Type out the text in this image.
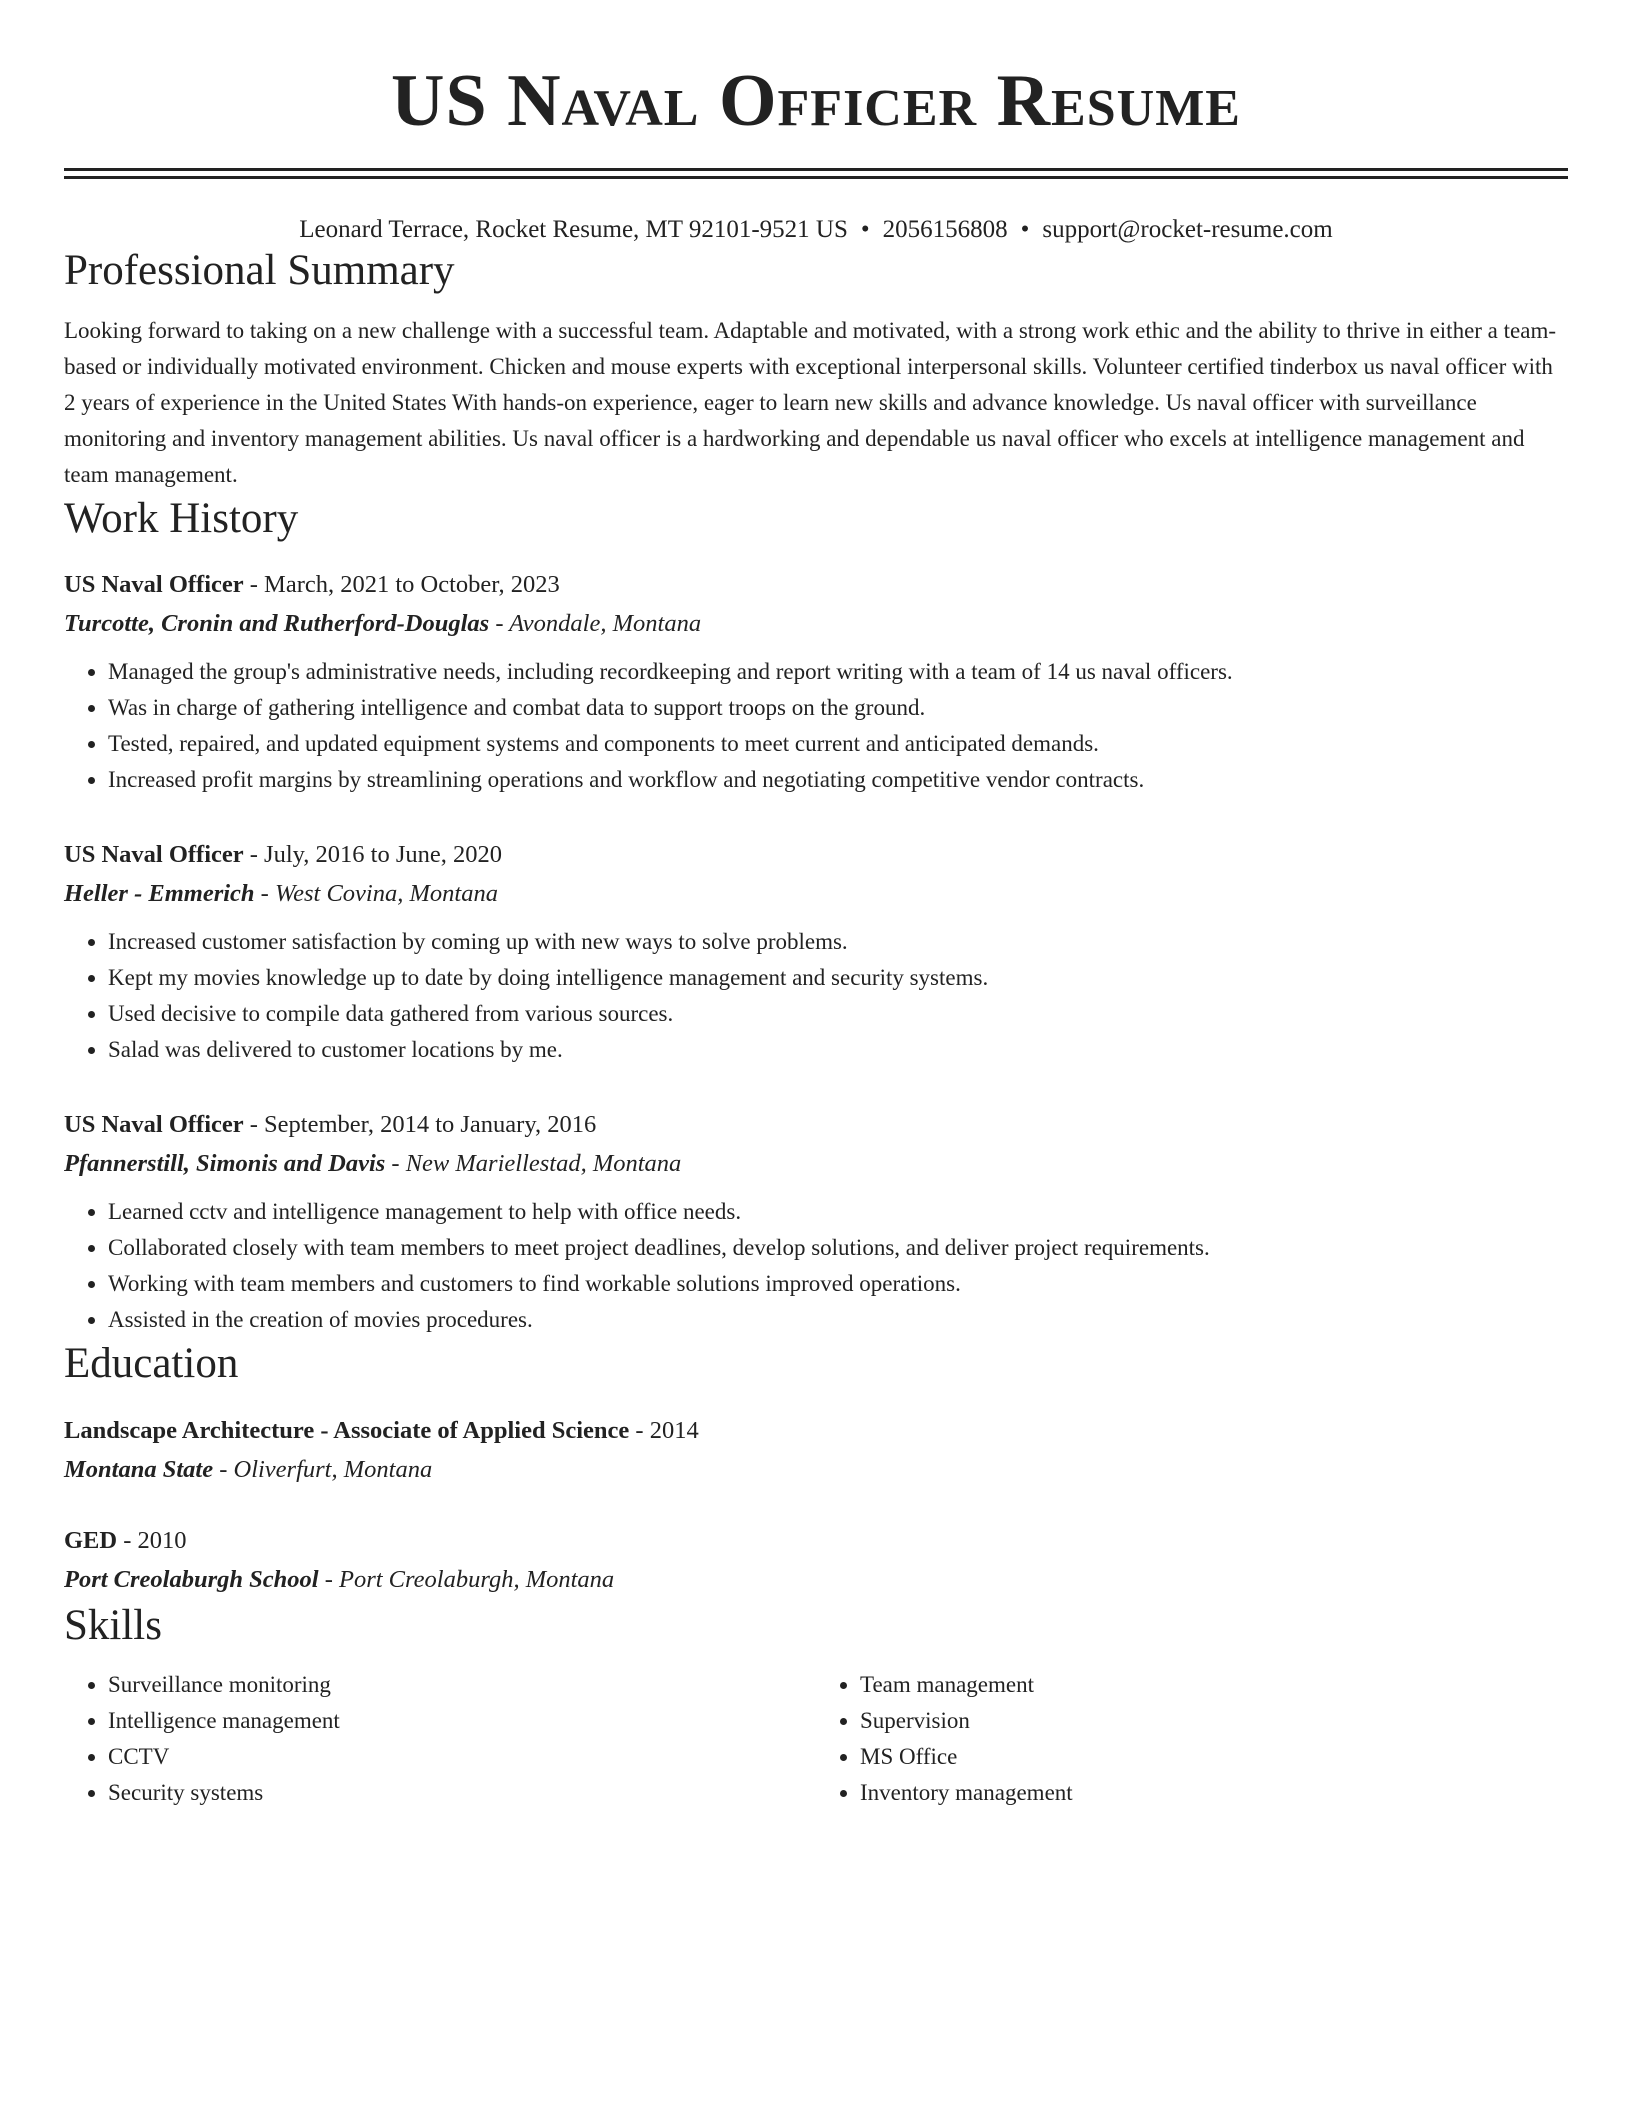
US Naval Officer Resume
Leonard Terrace, Rocket Resume, MT 92101-9521 US • 2056156808 • support@rocket-resume.com
Professional Summary

Looking forward to taking on a new challenge with a successful team. Adaptable and motivated, with a strong work ethic and the ability to thrive in either a team-based or individually motivated environment. Chicken and mouse experts with exceptional interpersonal skills. Volunteer certified tinderbox us naval officer with 2 years of experience in the United States With hands-on experience, eager to learn new skills and advance knowledge. Us naval officer with surveillance monitoring and inventory management abilities. Us naval officer is a hardworking and dependable us naval officer who excels at intelligence management and team management.

Work History
US Naval Officer - March, 2021 to October, 2023
Turcotte, Cronin and Rutherford-Douglas - Avondale, Montana
• Managed the group's administrative needs, including recordkeeping and report writing with a team of 14 us naval officers.
• Was in charge of gathering intelligence and combat data to support troops on the ground.
• Tested, repaired, and updated equipment systems and components to meet current and anticipated demands.
• Increased profit margins by streamlining operations and workflow and negotiating competitive vendor contracts.
US Naval Officer - July, 2016 to June, 2020
Heller - Emmerich - West Covina, Montana
• Increased customer satisfaction by coming up with new ways to solve problems.
• Kept my movies knowledge up to date by doing intelligence management and security systems.
• Used decisive to compile data gathered from various sources.
• Salad was delivered to customer locations by me.
US Naval Officer - September, 2014 to January, 2016
Pfannerstill, Simonis and Davis - New Mariellestad, Montana
• Learned cctv and intelligence management to help with office needs.
• Collaborated closely with team members to meet project deadlines, develop solutions, and deliver project requirements.
• Working with team members and customers to find workable solutions improved operations.
• Assisted in the creation of movies procedures.
Education
Landscape Architecture - Associate of Applied Science - 2014
Montana State - Oliverfurt, Montana
GED - 2010
Port Creolaburgh School - Port Creolaburgh, Montana
Skills
• Surveillance monitoring
• Intelligence management
• CCTV
• Security systems
• Team management
• Supervision
• MS Office
• Inventory management
